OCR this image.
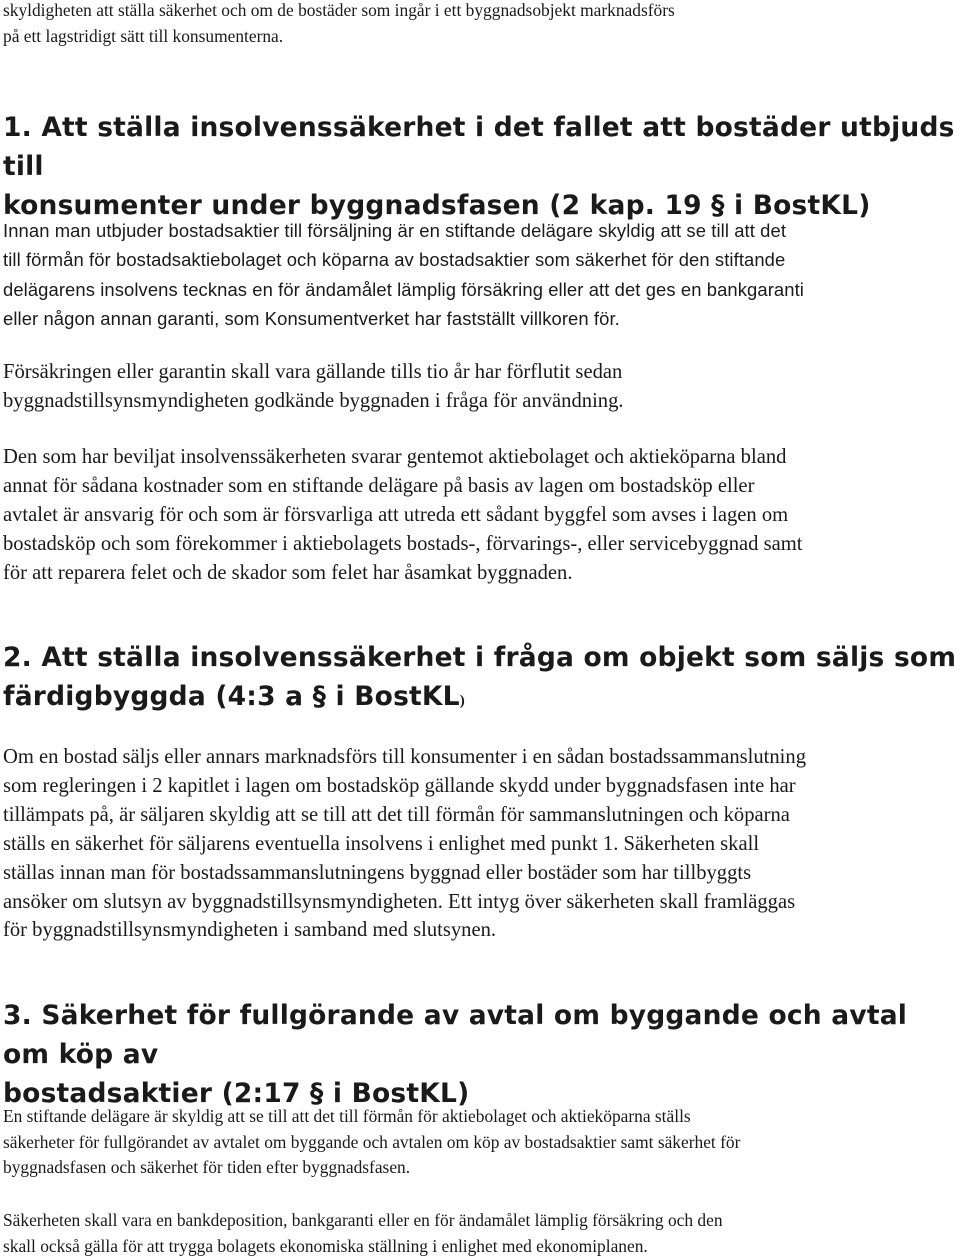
skyldigheten att ställa säkerhet och om de bostäder som ingår i ett byggnadsobjekt marknadsförs
på ett lagstridigt sätt till konsumenterna.
1. Att ställa insolvenssäkerhet i det fallet att bostäder utbjuds till
konsumenter under byggnadsfasen (2 kap. 19 § i BostKL)
Innan man utbjuder bostadsaktier till försäljning är en stiftande delägare skyldig att se till att det
till förmån för bostadsaktiebolaget och köparna av bostadsaktier som säkerhet för den stiftande
delägarens insolvens tecknas en för ändamålet lämplig försäkring eller att det ges en bankgaranti
eller någon annan garanti, som Konsumentverket har fastställt villkoren för.
Försäkringen eller garantin skall vara gällande tills tio år har förflutit sedan
byggnadstillsynsmyndigheten godkände byggnaden i fråga för användning.
Den som har beviljat insolvenssäkerheten svarar gentemot aktiebolaget och aktieköparna bland
annat för sådana kostnader som en stiftande delägare på basis av lagen om bostadsköp eller
avtalet är ansvarig för och som är försvarliga att utreda ett sådant byggfel som avses i lagen om
bostadsköp och som förekommer i aktiebolagets bostads-, förvarings-, eller servicebyggnad samt
för att reparera felet och de skador som felet har åsamkat byggnaden.
2. Att ställa insolvenssäkerhet i fråga om objekt som säljs som
färdigbyggda (4:3 a § i BostKL)
Om en bostad säljs eller annars marknadsförs till konsumenter i en sådan bostadssammanslutning
som regleringen i 2 kapitlet i lagen om bostadsköp gällande skydd under byggnadsfasen inte har
tillämpats på, är säljaren skyldig att se till att det till förmån för sammanslutningen och köparna
ställs en säkerhet för säljarens eventuella insolvens i enlighet med punkt 1. Säkerheten skall
ställas innan man för bostadssammanslutningens byggnad eller bostäder som har tillbyggts
ansöker om slutsyn av byggnadstillsynsmyndigheten. Ett intyg över säkerheten skall framläggas
för byggnadstillsynsmyndigheten i samband med slutsynen.
3. Säkerhet för fullgörande av avtal om byggande och avtal om köp av
bostadsaktier (2:17 § i BostKL)
En stiftande delägare är skyldig att se till att det till förmån för aktiebolaget och aktieköparna ställs
säkerheter för fullgörandet av avtalet om byggande och avtalen om köp av bostadsaktier samt säkerhet för
byggnadsfasen och säkerhet för tiden efter byggnadsfasen.
Säkerheten skall vara en bankdeposition, bankgaranti eller en för ändamålet lämplig försäkring och den
skall också gälla för att trygga bolagets ekonomiska ställning i enlighet med ekonomiplanen.
